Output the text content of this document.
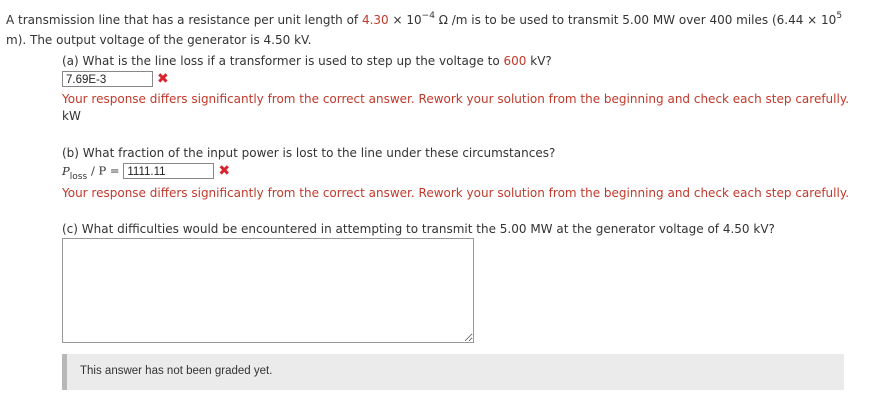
A transmission line that has a resistance per unit length of $4.30 \times 10^{-4}$ Ω /m is to be used to transmit 5.00 MW over 400 miles ($6.44 \times 10^5$
m). The output voltage of the generator is 4.50 kV.
(a) What is the line loss if a transformer is used to step up the voltage to 600 kV?
7.69E-3	✖
Your response differs significantly from the correct answer. Rework your solution from the beginning and check each step carefully.
kW
(b) What fraction of the input power is lost to the line under these circumstances?
$P_{loss} / P = 1111.11$	✖
Your response differs significantly from the correct answer. Rework your solution from the beginning and check each step carefully.
(c) What difficulties would be encountered in attempting to transmit the 5.00 MW at the generator voltage of 4.50 kV?
This answer has not been graded yet.
